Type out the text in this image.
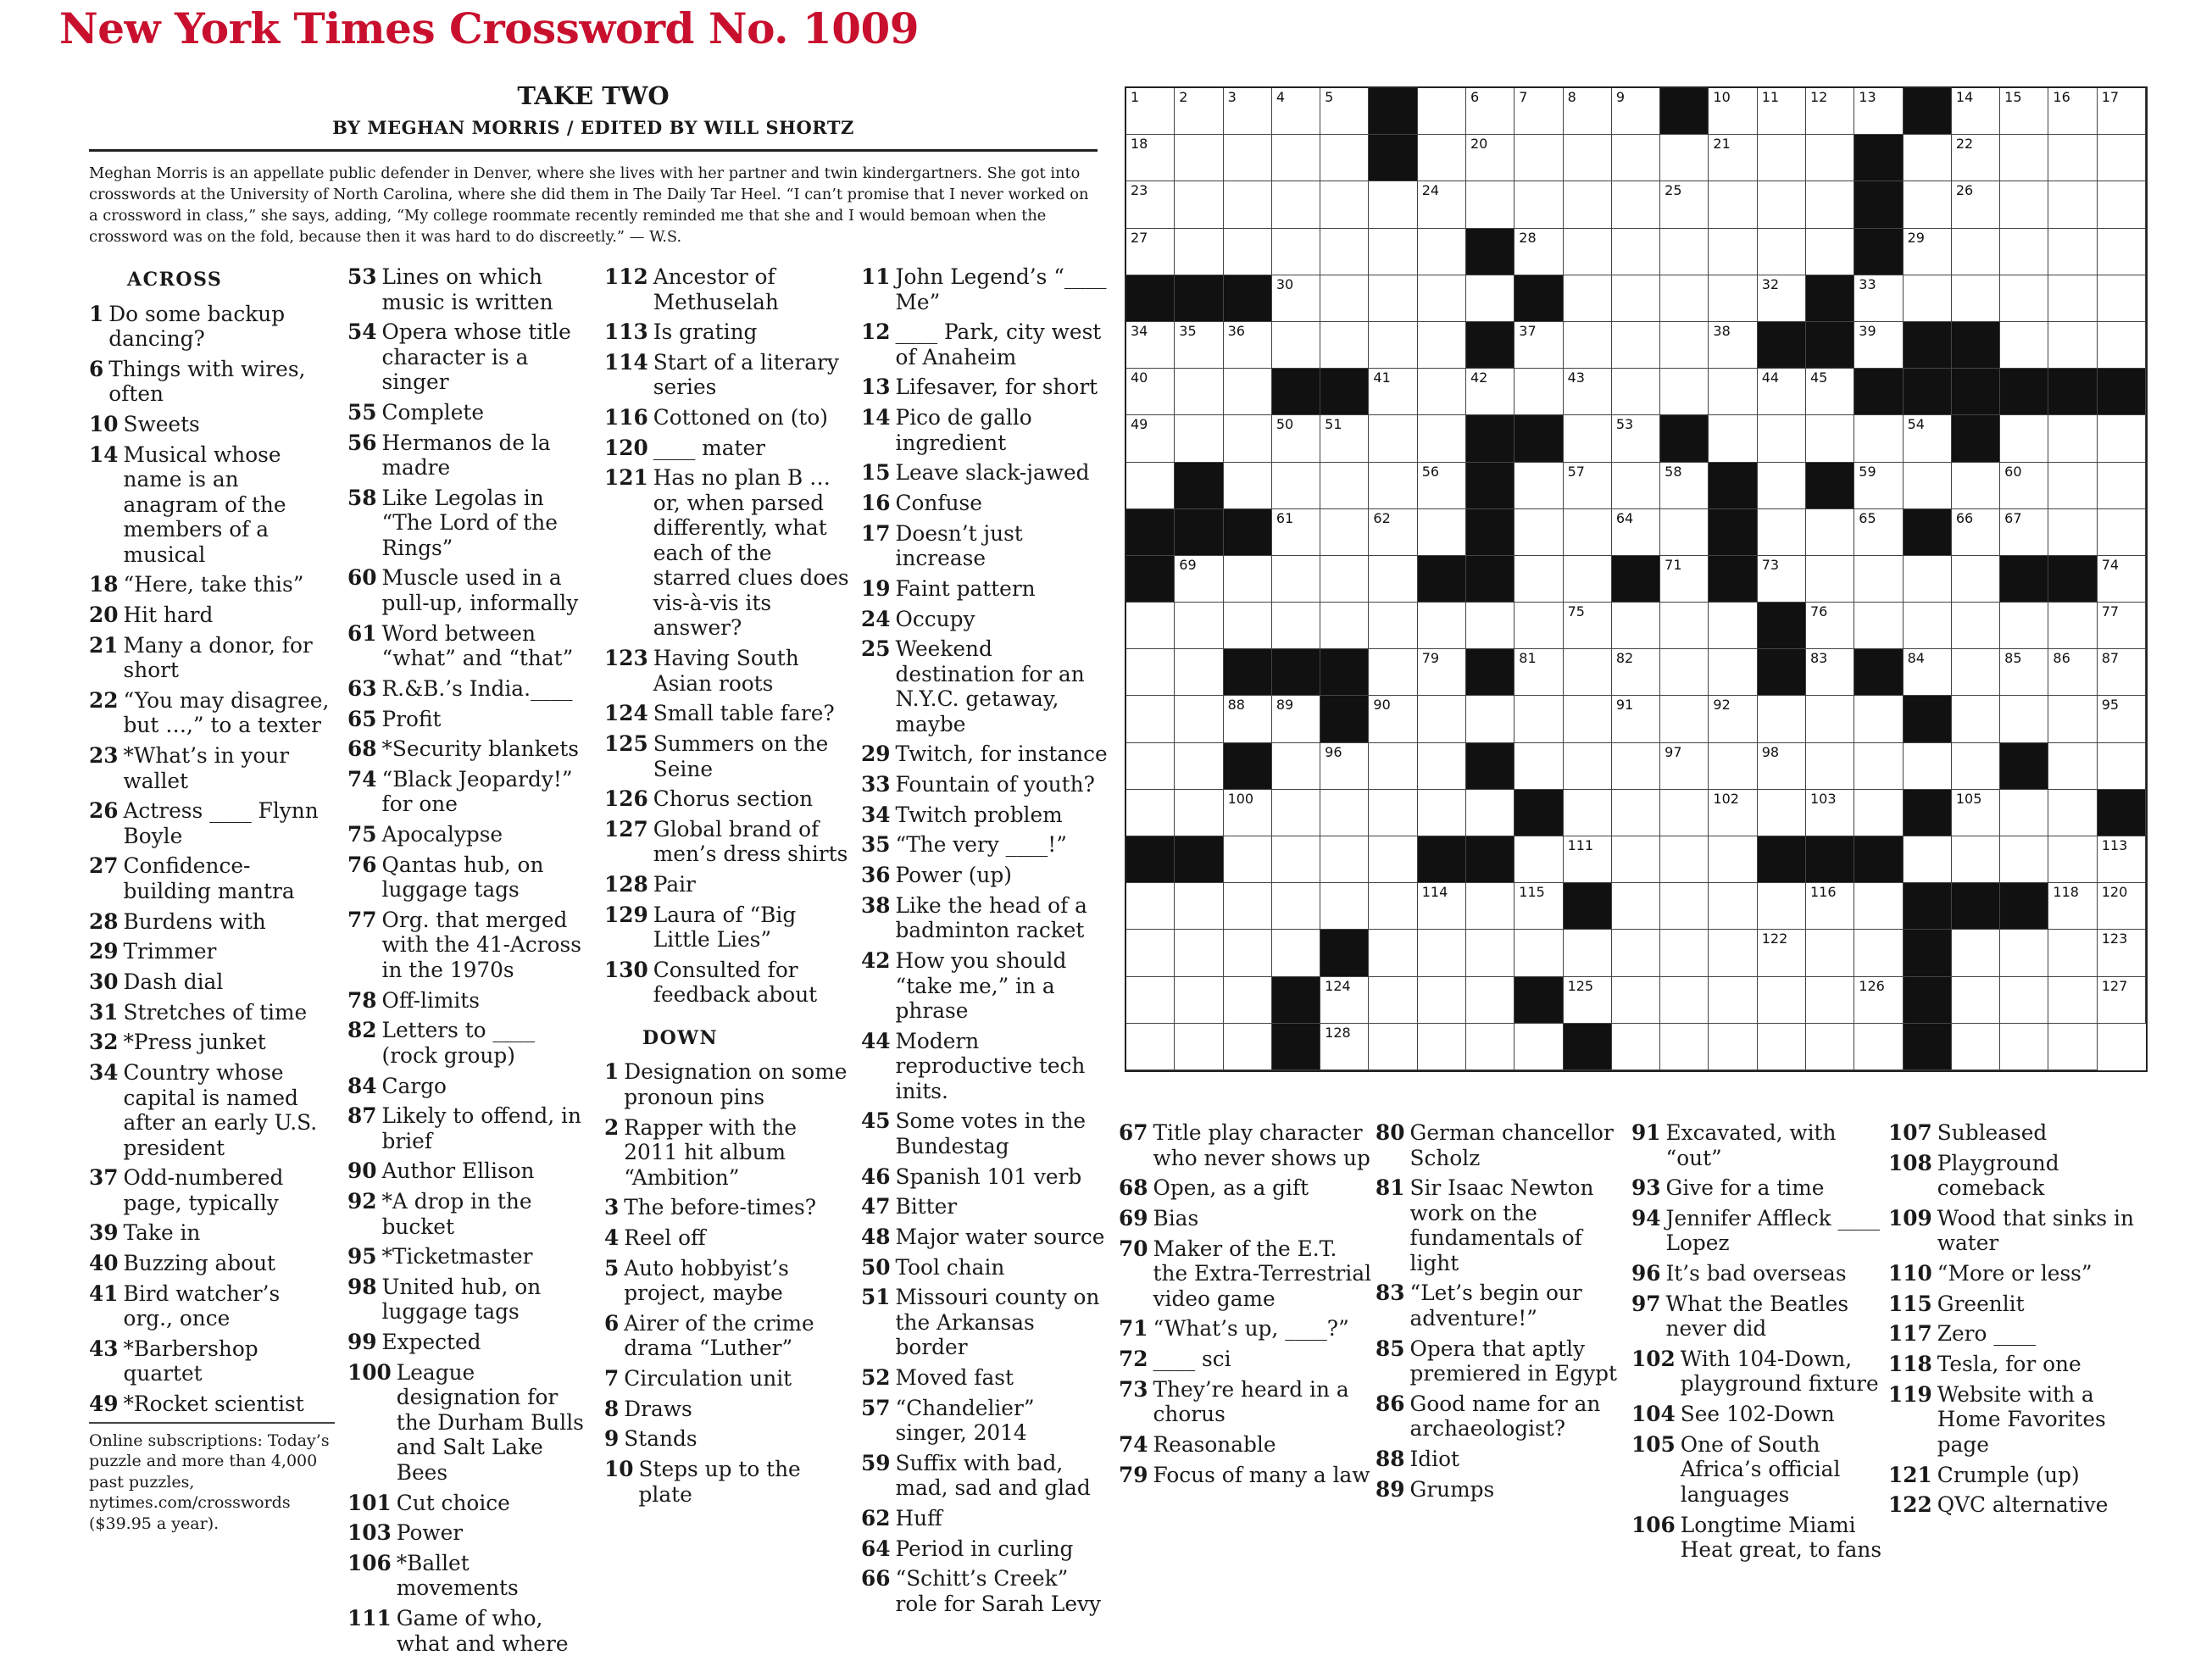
New York Times Crossword No. 1009
TAKE TWO
BY MEGHAN MORRIS / EDITED BY WILL SHORTZ
Meghan Morris is an appellate public defender in Denver, where she lives with her partner and twin kindergartners. She got into crosswords at the University of North Carolina, where she did them in The Daily Tar Heel. “I can’t promise that I never worked on a crossword in class,” she says, adding, “My college roommate recently reminded me that she and I would bemoan when the crossword was on the fold, because then it was hard to do discreetly.” — W.S.
ACROSS
1 Do some backup dancing?
6 Things with wires, often
10 Sweets
14 Musical whose name is an anagram of the members of a musical
18 “Here, take this”
20 Hit hard
21 Many a donor, for short
22 “You may disagree, but …,” to a texter
23 *What’s in your wallet
26 Actress ____ Flynn Boyle
27 Confidence-building mantra
28 Burdens with
29 Trimmer
30 Dash dial
31 Stretches of time
32 *Press junket
34 Country whose capital is named after an early U.S. president
37 Odd-numbered page, typically
39 Take in
40 Buzzing about
41 Bird watcher’s org., once
43 *Barbershop quartet
49 *Rocket scientist
Online subscriptions: Today’s puzzle and more than 4,000 past puzzles, nytimes.com/crosswords ($39.95 a year).
53 Lines on which music is written
54 Opera whose title character is a singer
55 Complete
56 Hermanos de la madre
58 Like Legolas in “The Lord of the Rings”
60 Muscle used in a pull-up, informally
61 Word between “what” and “that”
63 R.&B.’s India.____
65 Profit
68 *Security blankets
74 “Black Jeopardy!” for one
75 Apocalypse
76 Qantas hub, on luggage tags
77 Org. that merged with the 41-Across in the 1970s
78 Off-limits
82 Letters to ____ (rock group)
84 Cargo
87 Likely to offend, in brief
90 Author Ellison
92 *A drop in the bucket
95 *Ticketmaster
98 United hub, on luggage tags
99 Expected
100 League designation for the Durham Bulls and Salt Lake Bees
101 Cut choice
103 Power
106 *Ballet movements
111 Game of who, what and where
112 Ancestor of Methuselah
113 Is grating
114 Start of a literary series
116 Cottoned on (to)
120 ____ mater
121 Has no plan B … or, when parsed differently, what each of the starred clues does vis-à-vis its answer?
123 Having South Asian roots
124 Small table fare?
125 Summers on the Seine
126 Chorus section
127 Global brand of men’s dress shirts
128 Pair
129 Laura of “Big Little Lies”
130 Consulted for feedback about
DOWN
1 Designation on some pronoun pins
2 Rapper with the 2011 hit album “Ambition”
3 The before-times?
4 Reel off
5 Auto hobbyist’s project, maybe
6 Airer of the crime drama “Luther”
7 Circulation unit
8 Draws
9 Stands
10 Steps up to the plate
11 John Legend’s “____ Me”
12 ____ Park, city west of Anaheim
13 Lifesaver, for short
14 Pico de gallo ingredient
15 Leave slack-jawed
16 Confuse
17 Doesn’t just increase
19 Faint pattern
24 Occupy
25 Weekend destination for an N.Y.C. getaway, maybe
29 Twitch, for instance
33 Fountain of youth?
34 Twitch problem
35 “The very ____!”
36 Power (up)
38 Like the head of a badminton racket
42 How you should “take me,” in a phrase
44 Modern reproductive tech inits.
45 Some votes in the Bundestag
46 Spanish 101 verb
47 Bitter
48 Major water source
50 Tool chain
51 Missouri county on the Arkansas border
52 Moved fast
57 “Chandelier” singer, 2014
59 Suffix with bad, mad, sad and glad
62 Huff
64 Period in curling
66 “Schitt’s Creek” role for Sarah Levy
67 Title play character who never shows up
68 Open, as a gift
69 Bias
70 Maker of the E.T. the Extra-Terrestrial video game
71 “What’s up, ____?”
72 ____ sci
73 They’re heard in a chorus
74 Reasonable
79 Focus of many a law
80 German chancellor Scholz
81 Sir Isaac Newton work on the fundamentals of light
83 “Let’s begin our adventure!”
85 Opera that aptly premiered in Egypt
86 Good name for an archaeologist?
88 Idiot
89 Grumps
91 Excavated, with “out”
93 Give for a time
94 Jennifer Affleck ____ Lopez
96 It’s bad overseas
97 What the Beatles never did
102 With 104-Down, playground fixture
104 See 102-Down
105 One of South Africa’s official languages
106 Longtime Miami Heat great, to fans
107 Subleased
108 Playground comeback
109 Wood that sinks in water
110 “More or less”
115 Greenlit
117 Zero ____
118 Tesla, for one
119 Website with a Home Favorites page
121 Crumple (up)
122 QVC alternative
1	2	3	4	5	6	7	8	9	10 11 12 13	14 15 16 17
18	20	21	22
23	24	25	26
27	28	29
30	32	33
34 35 36	37	38	39
40	41	42	43	44 45
49	50 51	53	54
56	57	58	59	60
61	62	64	65	66 67
69	71	73	74
75	76	77
79	81	82	83	84	85 86 87
88 89	90	91	92	95
96	97	98
100	102	103	105
111	113
114	115	116	118 120
122	123
124	125	126	127
128
